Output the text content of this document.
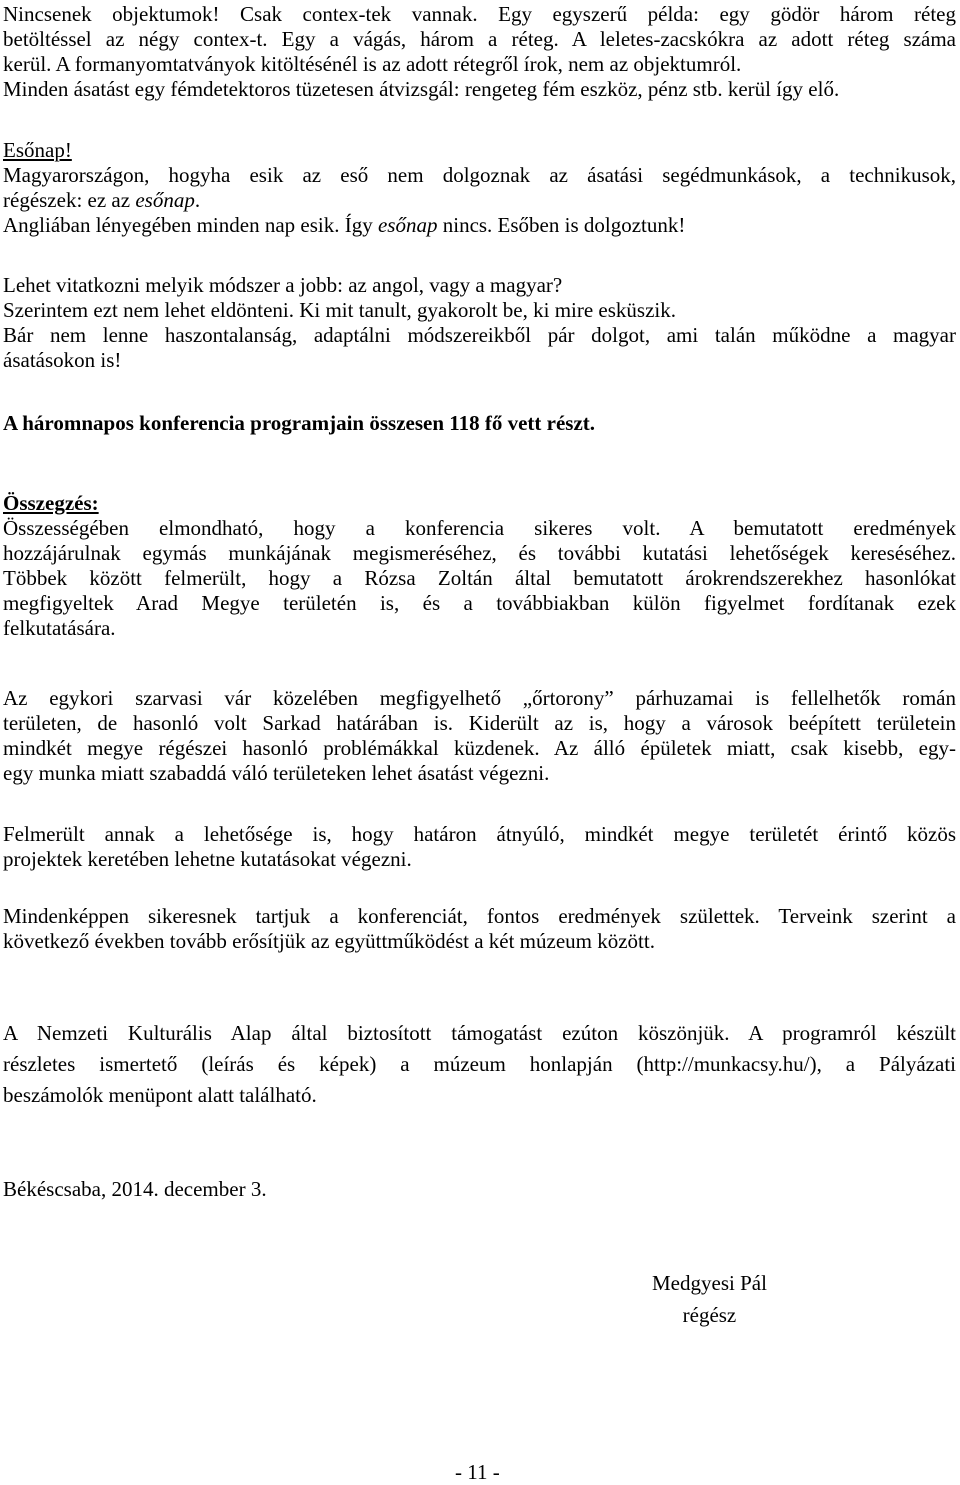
Nincsenek objektumok! Csak contex-tek vannak. Egy egyszerű példa: egy gödör három réteg
betöltéssel az négy contex-t. Egy a vágás, három a réteg. A leletes-zacskókra az adott réteg száma
kerül. A formanyomtatványok kitöltésénél is az adott rétegről írok, nem az objektumról.
Minden ásatást egy fémdetektoros tüzetesen átvizsgál: rengeteg fém eszköz, pénz stb. kerül így elő.
Esőnap!
Magyarországon, hogyha esik az eső nem dolgoznak az ásatási segédmunkások, a technikusok,
régészek: ez az esőnap.
Angliában lényegében minden nap esik. Így esőnap nincs. Esőben is dolgoztunk!
Lehet vitatkozni melyik módszer a jobb: az angol, vagy a magyar?
Szerintem ezt nem lehet eldönteni. Ki mit tanult, gyakorolt be, ki mire esküszik.
Bár nem lenne haszontalanság, adaptálni módszereikből pár dolgot, ami talán működne a magyar
ásatásokon is!
A háromnapos konferencia programjain összesen 118 fő vett részt.
Összegzés:
Összességében elmondható, hogy a konferencia sikeres volt. A bemutatott eredmények
hozzájárulnak egymás munkájának megismeréséhez, és további kutatási lehetőségek kereséséhez.
Többek között felmerült, hogy a Rózsa Zoltán által bemutatott árokrendszerekhez hasonlókat
megfigyeltek Arad Megye területén is, és a továbbiakban külön figyelmet fordítanak ezek
felkutatására.
Az egykori szarvasi vár közelében megfigyelhető „őrtorony” párhuzamai is fellelhetők román
területen, de hasonló volt Sarkad határában is. Kiderült az is, hogy a városok beépített területein
mindkét megye régészei hasonló problémákkal küzdenek. Az álló épületek miatt, csak kisebb, egy-
egy munka miatt szabaddá váló területeken lehet ásatást végezni.
Felmerült annak a lehetősége is, hogy határon átnyúló, mindkét megye területét érintő közös
projektek keretében lehetne kutatásokat végezni.
Mindenképpen sikeresnek tartjuk a konferenciát, fontos eredmények születtek. Terveink szerint a
következő években tovább erősítjük az együttműködést a két múzeum között.
A Nemzeti Kulturális Alap által biztosított támogatást ezúton köszönjük. A programról készült
részletes ismertető (leírás és képek) a múzeum honlapján (http://munkacsy.hu/), a Pályázati
beszámolók menüpont alatt található.
Békéscsaba, 2014. december 3.
Medgyesi Pál
régész
- 11 -
